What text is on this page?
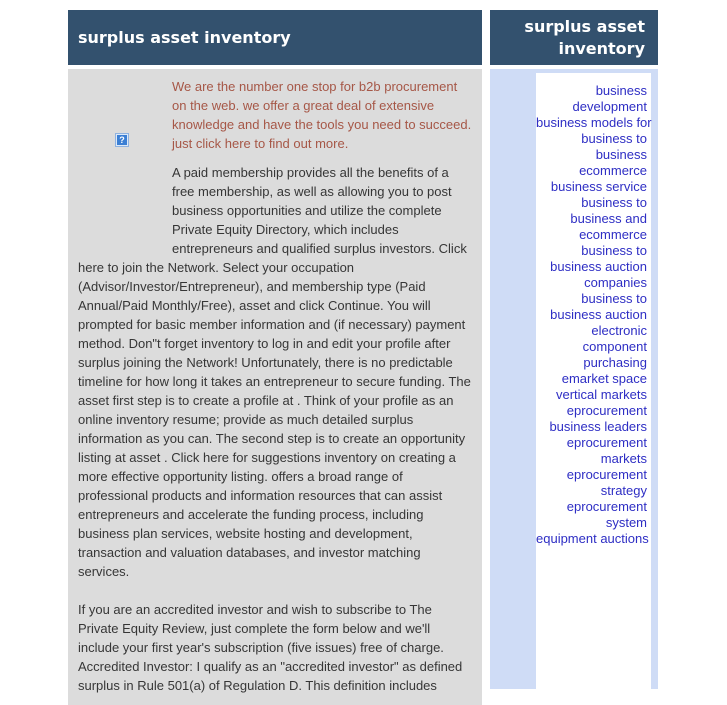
surplus asset inventory
?

We are the number one stop for b2b procurement on the web. we offer a great deal of extensive knowledge and have the tools you need to succeed. just click here to find out more.

A paid membership provides all the benefits of a free membership, as well as allowing you to post business opportunities and utilize the complete Private Equity Directory, which includes entrepreneurs and qualified surplus investors. Click here to join the Network. Select your occupation (Advisor/Investor/Entrepreneur), and membership type (Paid Annual/Paid Monthly/Free), asset and click Continue. You will prompted for basic member information and (if necessary) payment method. Don"t forget inventory to log in and edit your profile after surplus joining the Network! Unfortunately, there is no predictable timeline for how long it takes an entrepreneur to secure funding. The asset first step is to create a profile at . Think of your profile as an online inventory resume; provide as much detailed surplus information as you can. The second step is to create an opportunity listing at asset . Click here for suggestions inventory on creating a more effective opportunity listing. offers a broad range of professional products and information resources that can assist entrepreneurs and accelerate the funding process, including business plan services, website hosting and development, transaction and valuation databases, and investor matching services.

If you are an accredited investor and wish to subscribe to The Private Equity Review, just complete the form below and we'll include your first year's subscription (five issues) free of charge. Accredited Investor: I qualify as an "accredited investor" as defined surplus in Rule 501(a) of Regulation D. This definition includes

surplus asset inventory
business
development
business models for
business to
business
ecommerce
business service
business to
business and
ecommerce
business to
business auction
companies
business to
business auction
electronic
component
purchasing
emarket space
vertical markets
eprocurement
business leaders
eprocurement
markets
eprocurement
strategy
eprocurement
system
equipment auctions
